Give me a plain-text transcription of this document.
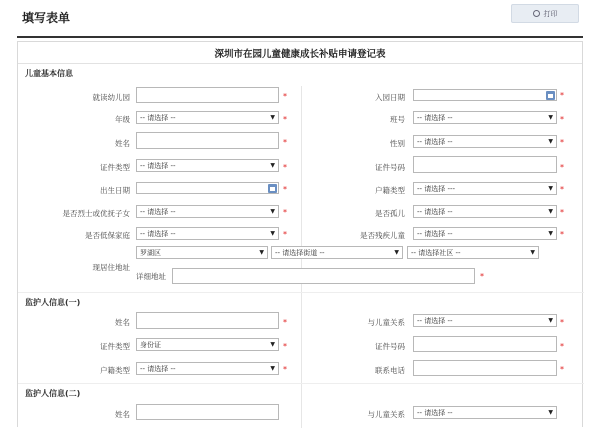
填写表单	打印
深圳市在园儿童健康成长补贴申请登记表
儿童基本信息
就读幼儿园	*	入园日期	*
年级 -- 请选择 --	▼ *	班号 -- 请选择 --	▼ *
姓名	*	性别 -- 请选择 --	▼ *
证件类型 -- 请选择 --	▼ *	证件号码	*
出生日期	*	户籍类型 -- 请选择 ---	▼ *
是否烈士或优抚子女 -- 请选择 --	▼ *	是否孤儿 -- 请选择 --	▼ *
是否低保家庭 -- 请选择 --	▼ *	是否残疾儿童 -- 请选择 --	▼ *
现居住地址
罗湖区	▼ -- 请选择街道 --	▼ -- 请选择社区 --	▼
详细地址	*
监护人信息(一)
姓名	*	与儿童关系 -- 请选择 --	▼ *
证件类型 身份证	▼ *	证件号码	*
户籍类型 -- 请选择 --	▼ *	联系电话	*
监护人信息(二)
姓名	与儿童关系 -- 请选择 --	▼
